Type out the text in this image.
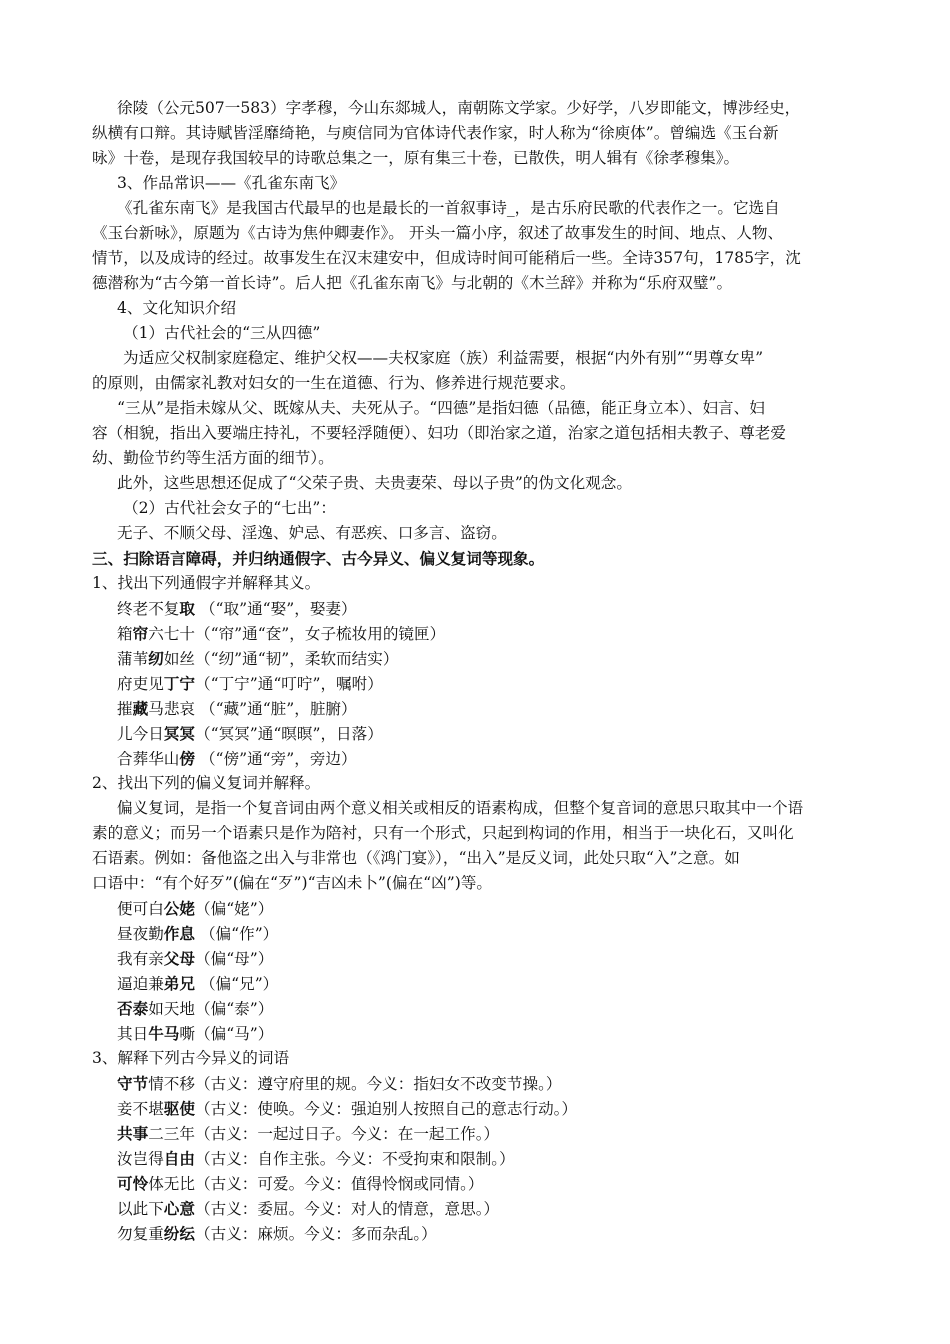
徐陵（公元507一583）字孝穆，今山东郯城人，南朝陈文学家。少好学，八岁即能文，博涉经史，
纵横有口辩。其诗赋皆淫靡绮艳，与庾信同为官体诗代表作家，时人称为“徐庾体”。曾编选《玉台新
咏》十卷，是现存我国较早的诗歌总集之一，原有集三十卷，已散佚，明人辑有《徐孝穆集》。
3、作品常识——《孔雀东南飞》
《孔雀东南飞》是我国古代最早的也是最长的一首叙事诗_，是古乐府民歌的代表作之一。它选自
《玉台新咏》，原题为《古诗为焦仲卿妻作》。 开头一篇小序，叙述了故事发生的时间、地点、人物、
情节，以及成诗的经过。故事发生在汉末建安中，但成诗时间可能稍后一些。全诗357句，1785字，沈
德潜称为“古今第一首长诗”。后人把《孔雀东南飞》与北朝的《木兰辞》并称为“乐府双璧”。
4、文化知识介绍
（1）古代社会的“三从四德”
为适应父权制家庭稳定、维护父权——夫权家庭（族）利益需要，根据“内外有别”“男尊女卑”
的原则，由儒家礼教对妇女的一生在道德、行为、修养进行规范要求。
“三从”是指未嫁从父、既嫁从夫、夫死从子。“四德”是指妇德（品德，能正身立本）、妇言、妇
容（相貌，指出入要端庄持礼，不要轻浮随便）、妇功（即治家之道，治家之道包括相夫教子、尊老爱
幼、勤俭节约等生活方面的细节）。
此外，这些思想还促成了“父荣子贵、夫贵妻荣、母以子贵”的伪文化观念。
（2）古代社会女子的“七出”：
无子、不顺父母、淫逸、妒忌、有恶疾、口多言、盗窃。
三、扫除语言障碍，并归纳通假字、古今异义、偏义复词等现象。
1、找出下列通假字并解释其义。
终老不复取 （“取”通“娶”，娶妻）
箱帘六七十（“帘”通“奁”，女子梳妆用的镜匣）
蒲苇纫如丝（“纫”通“韧”，柔软而结实）
府吏见丁宁（“丁宁”通“叮咛”，嘱咐）
摧藏马悲哀 （“藏”通“脏”，脏腑）
儿今日冥冥（“冥冥”通“暝暝”，日落）
合葬华山傍 （“傍”通“旁”，旁边）
2、找出下列的偏义复词并解释。
偏义复词，是指一个复音词由两个意义相关或相反的语素构成，但整个复音词的意思只取其中一个语
素的意义；而另一个语素只是作为陪衬，只有一个形式，只起到构词的作用，相当于一块化石，又叫化
石语素。例如：备他盗之出入与非常也（《鸿门宴》），“出入”是反义词，此处只取“入”之意。如
口语中：“有个好歹”(偏在“歹”)“吉凶未卜”(偏在“凶”)等。
便可白公姥（偏“姥”）
昼夜勤作息 （偏“作”）
我有亲父母（偏“母”）
逼迫兼弟兄 （偏“兄”）
否泰如天地（偏“泰”）
其日牛马嘶（偏“马”）
3、解释下列古今异义的词语
守节情不移（古义：遵守府里的规。今义：指妇女不改变节操。）
妾不堪驱使（古义：使唤。今义：强迫别人按照自己的意志行动。）
共事二三年（古义：一起过日子。今义：在一起工作。）
汝岂得自由（古义：自作主张。今义：不受拘束和限制。）
可怜体无比（古义：可爱。今义：值得怜悯或同情。）
以此下心意（古义：委屈。今义：对人的情意，意思。）
勿复重纷纭（古义：麻烦。今义：多而杂乱。）
